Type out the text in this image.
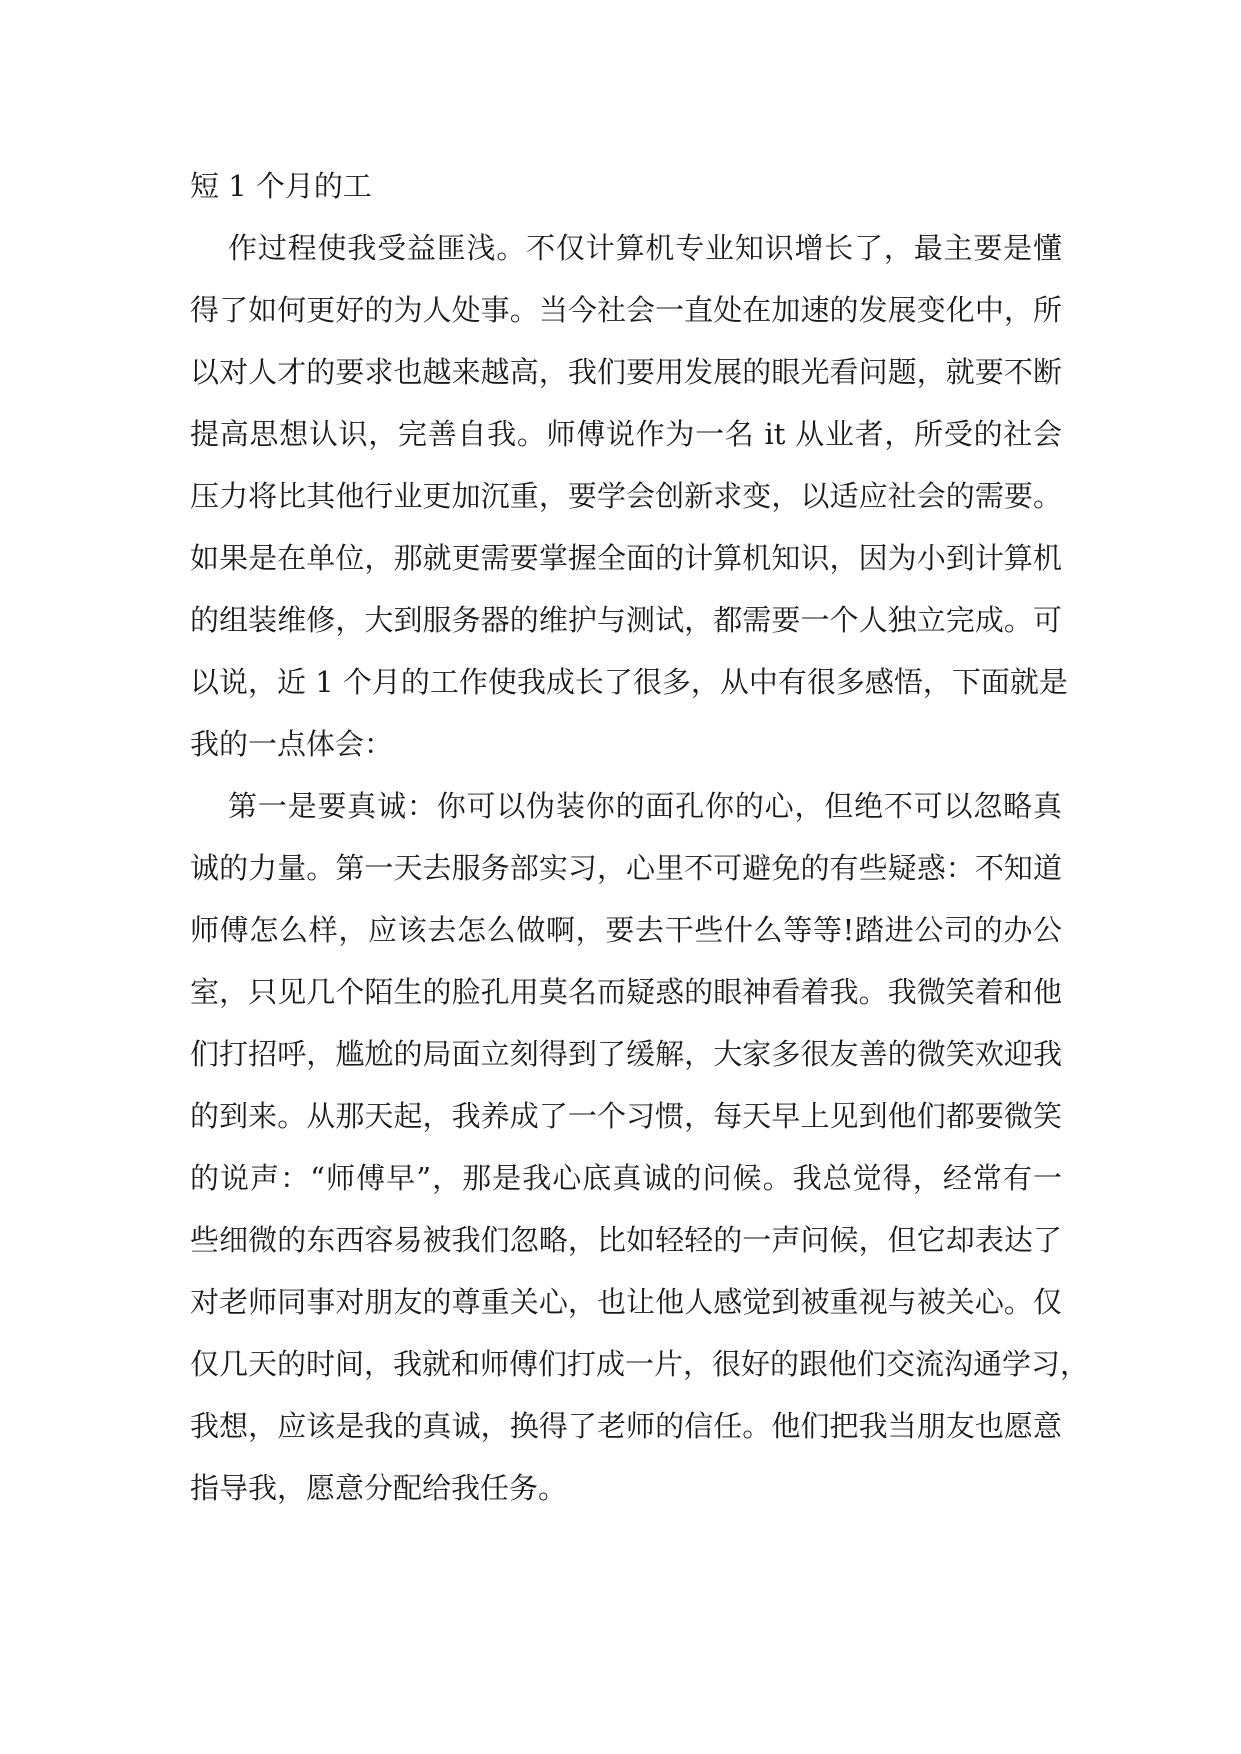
短 1 个月的工
作过程使我受益匪浅。不仅计算机专业知识增长了，最主要是懂
得了如何更好的为人处事。当今社会一直处在加速的发展变化中，所
以对人才的要求也越来越高，我们要用发展的眼光看问题，就要不断
提高思想认识，完善自我。师傅说作为一名 it 从业者，所受的社会
压力将比其他行业更加沉重，要学会创新求变，以适应社会的需要。
如果是在单位，那就更需要掌握全面的计算机知识，因为小到计算机
的组装维修，大到服务器的维护与测试，都需要一个人独立完成。可
以说，近 1 个月的工作使我成长了很多，从中有很多感悟，下面就是
我的一点体会：
第一是要真诚：你可以伪装你的面孔你的心，但绝不可以忽略真
诚的力量。第一天去服务部实习，心里不可避免的有些疑惑：不知道
师傅怎么样，应该去怎么做啊，要去干些什么等等!踏进公司的办公
室，只见几个陌生的脸孔用莫名而疑惑的眼神看着我。我微笑着和他
们打招呼，尴尬的局面立刻得到了缓解，大家多很友善的微笑欢迎我
的到来。从那天起，我养成了一个习惯，每天早上见到他们都要微笑
的说声：“师傅早”，那是我心底真诚的问候。我总觉得，经常有一
些细微的东西容易被我们忽略，比如轻轻的一声问候，但它却表达了
对老师同事对朋友的尊重关心，也让他人感觉到被重视与被关心。仅
仅几天的时间，我就和师傅们打成一片，很好的跟他们交流沟通学习，
我想，应该是我的真诚，换得了老师的信任。他们把我当朋友也愿意
指导我，愿意分配给我任务。
